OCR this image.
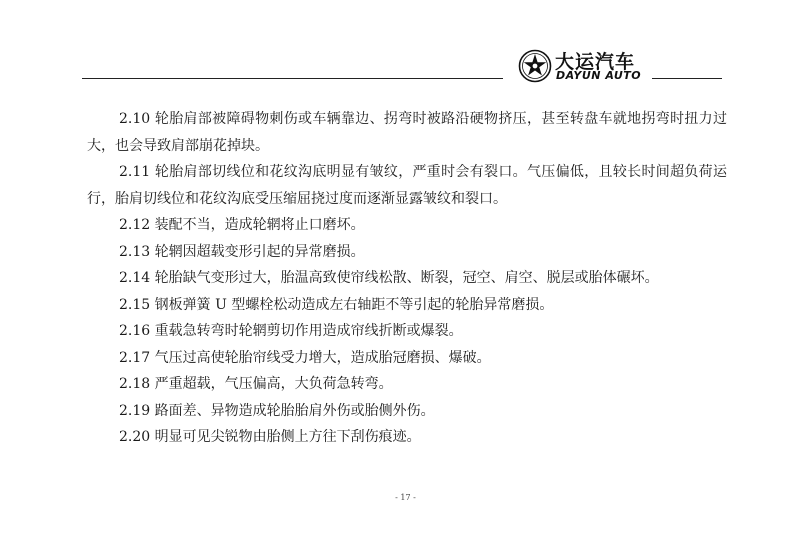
大运汽车
DAYUN AUTO

2.10 轮胎肩部被障碍物刺伤或车辆靠边、拐弯时被路沿硬物挤压，甚至转盘车就地拐弯时扭力过大，也会导致肩部崩花掉块。

2.11 轮胎肩部切线位和花纹沟底明显有皱纹，严重时会有裂口。气压偏低，且较长时间超负荷运行，胎肩切线位和花纹沟底受压缩屈挠过度而逐渐显露皱纹和裂口。

2.12 装配不当，造成轮辋将止口磨坏。

2.13 轮辋因超载变形引起的异常磨损。

2.14 轮胎缺气变形过大，胎温高致使帘线松散、断裂，冠空、肩空、脱层或胎体碾坏。

2.15 钢板弹簧 U 型螺栓松动造成左右轴距不等引起的轮胎异常磨损。

2.16 重载急转弯时轮辋剪切作用造成帘线折断或爆裂。

2.17 气压过高使轮胎帘线受力增大，造成胎冠磨损、爆破。

2.18 严重超载，气压偏高，大负荷急转弯。

2.19 路面差、异物造成轮胎胎肩外伤或胎侧外伤。

2.20 明显可见尖锐物由胎侧上方往下刮伤痕迹。

- 17 -
